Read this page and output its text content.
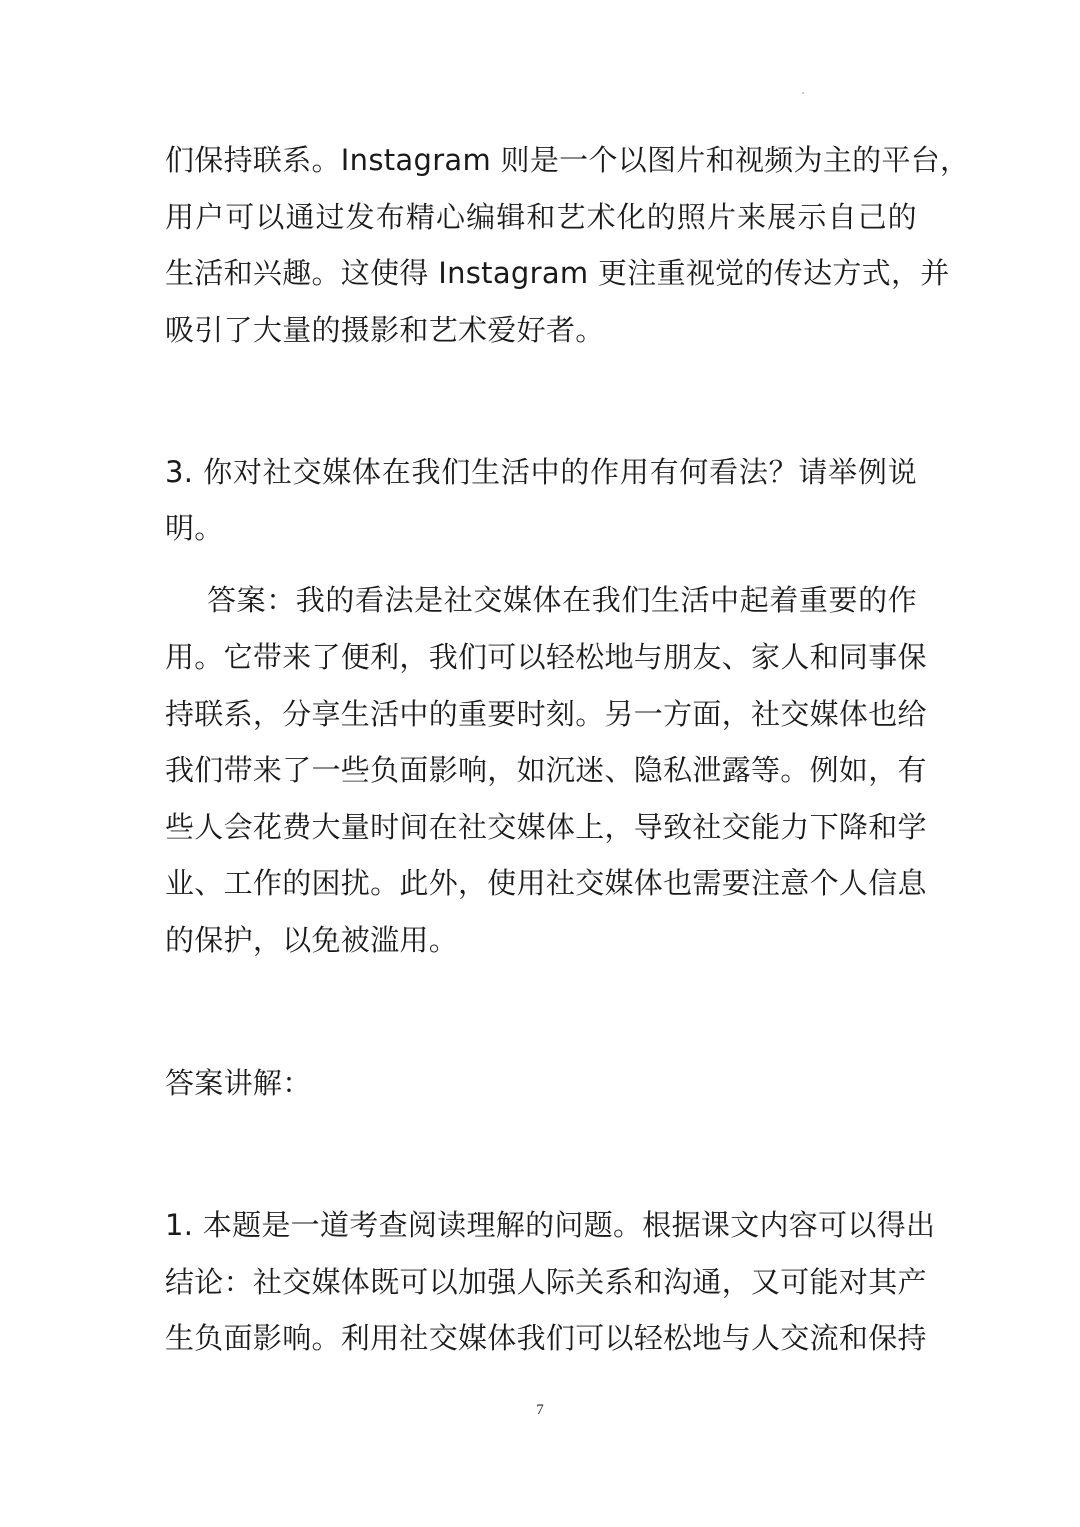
们保持联系。Instagram 则是一个以图片和视频为主的平台，
用户可以通过发布精心编辑和艺术化的照片来展示自己的
生活和兴趣。这使得 Instagram 更注重视觉的传达方式，并
吸引了大量的摄影和艺术爱好者。
3. 你对社交媒体在我们生活中的作用有何看法？请举例说
明。
答案：我的看法是社交媒体在我们生活中起着重要的作
用。它带来了便利，我们可以轻松地与朋友、家人和同事保
持联系，分享生活中的重要时刻。另一方面，社交媒体也给
我们带来了一些负面影响，如沉迷、隐私泄露等。例如，有
些人会花费大量时间在社交媒体上，导致社交能力下降和学
业、工作的困扰。此外，使用社交媒体也需要注意个人信息
的保护，以免被滥用。
答案讲解：
1. 本题是一道考查阅读理解的问题。根据课文内容可以得出
结论：社交媒体既可以加强人际关系和沟通，又可能对其产
生负面影响。利用社交媒体我们可以轻松地与人交流和保持
7
